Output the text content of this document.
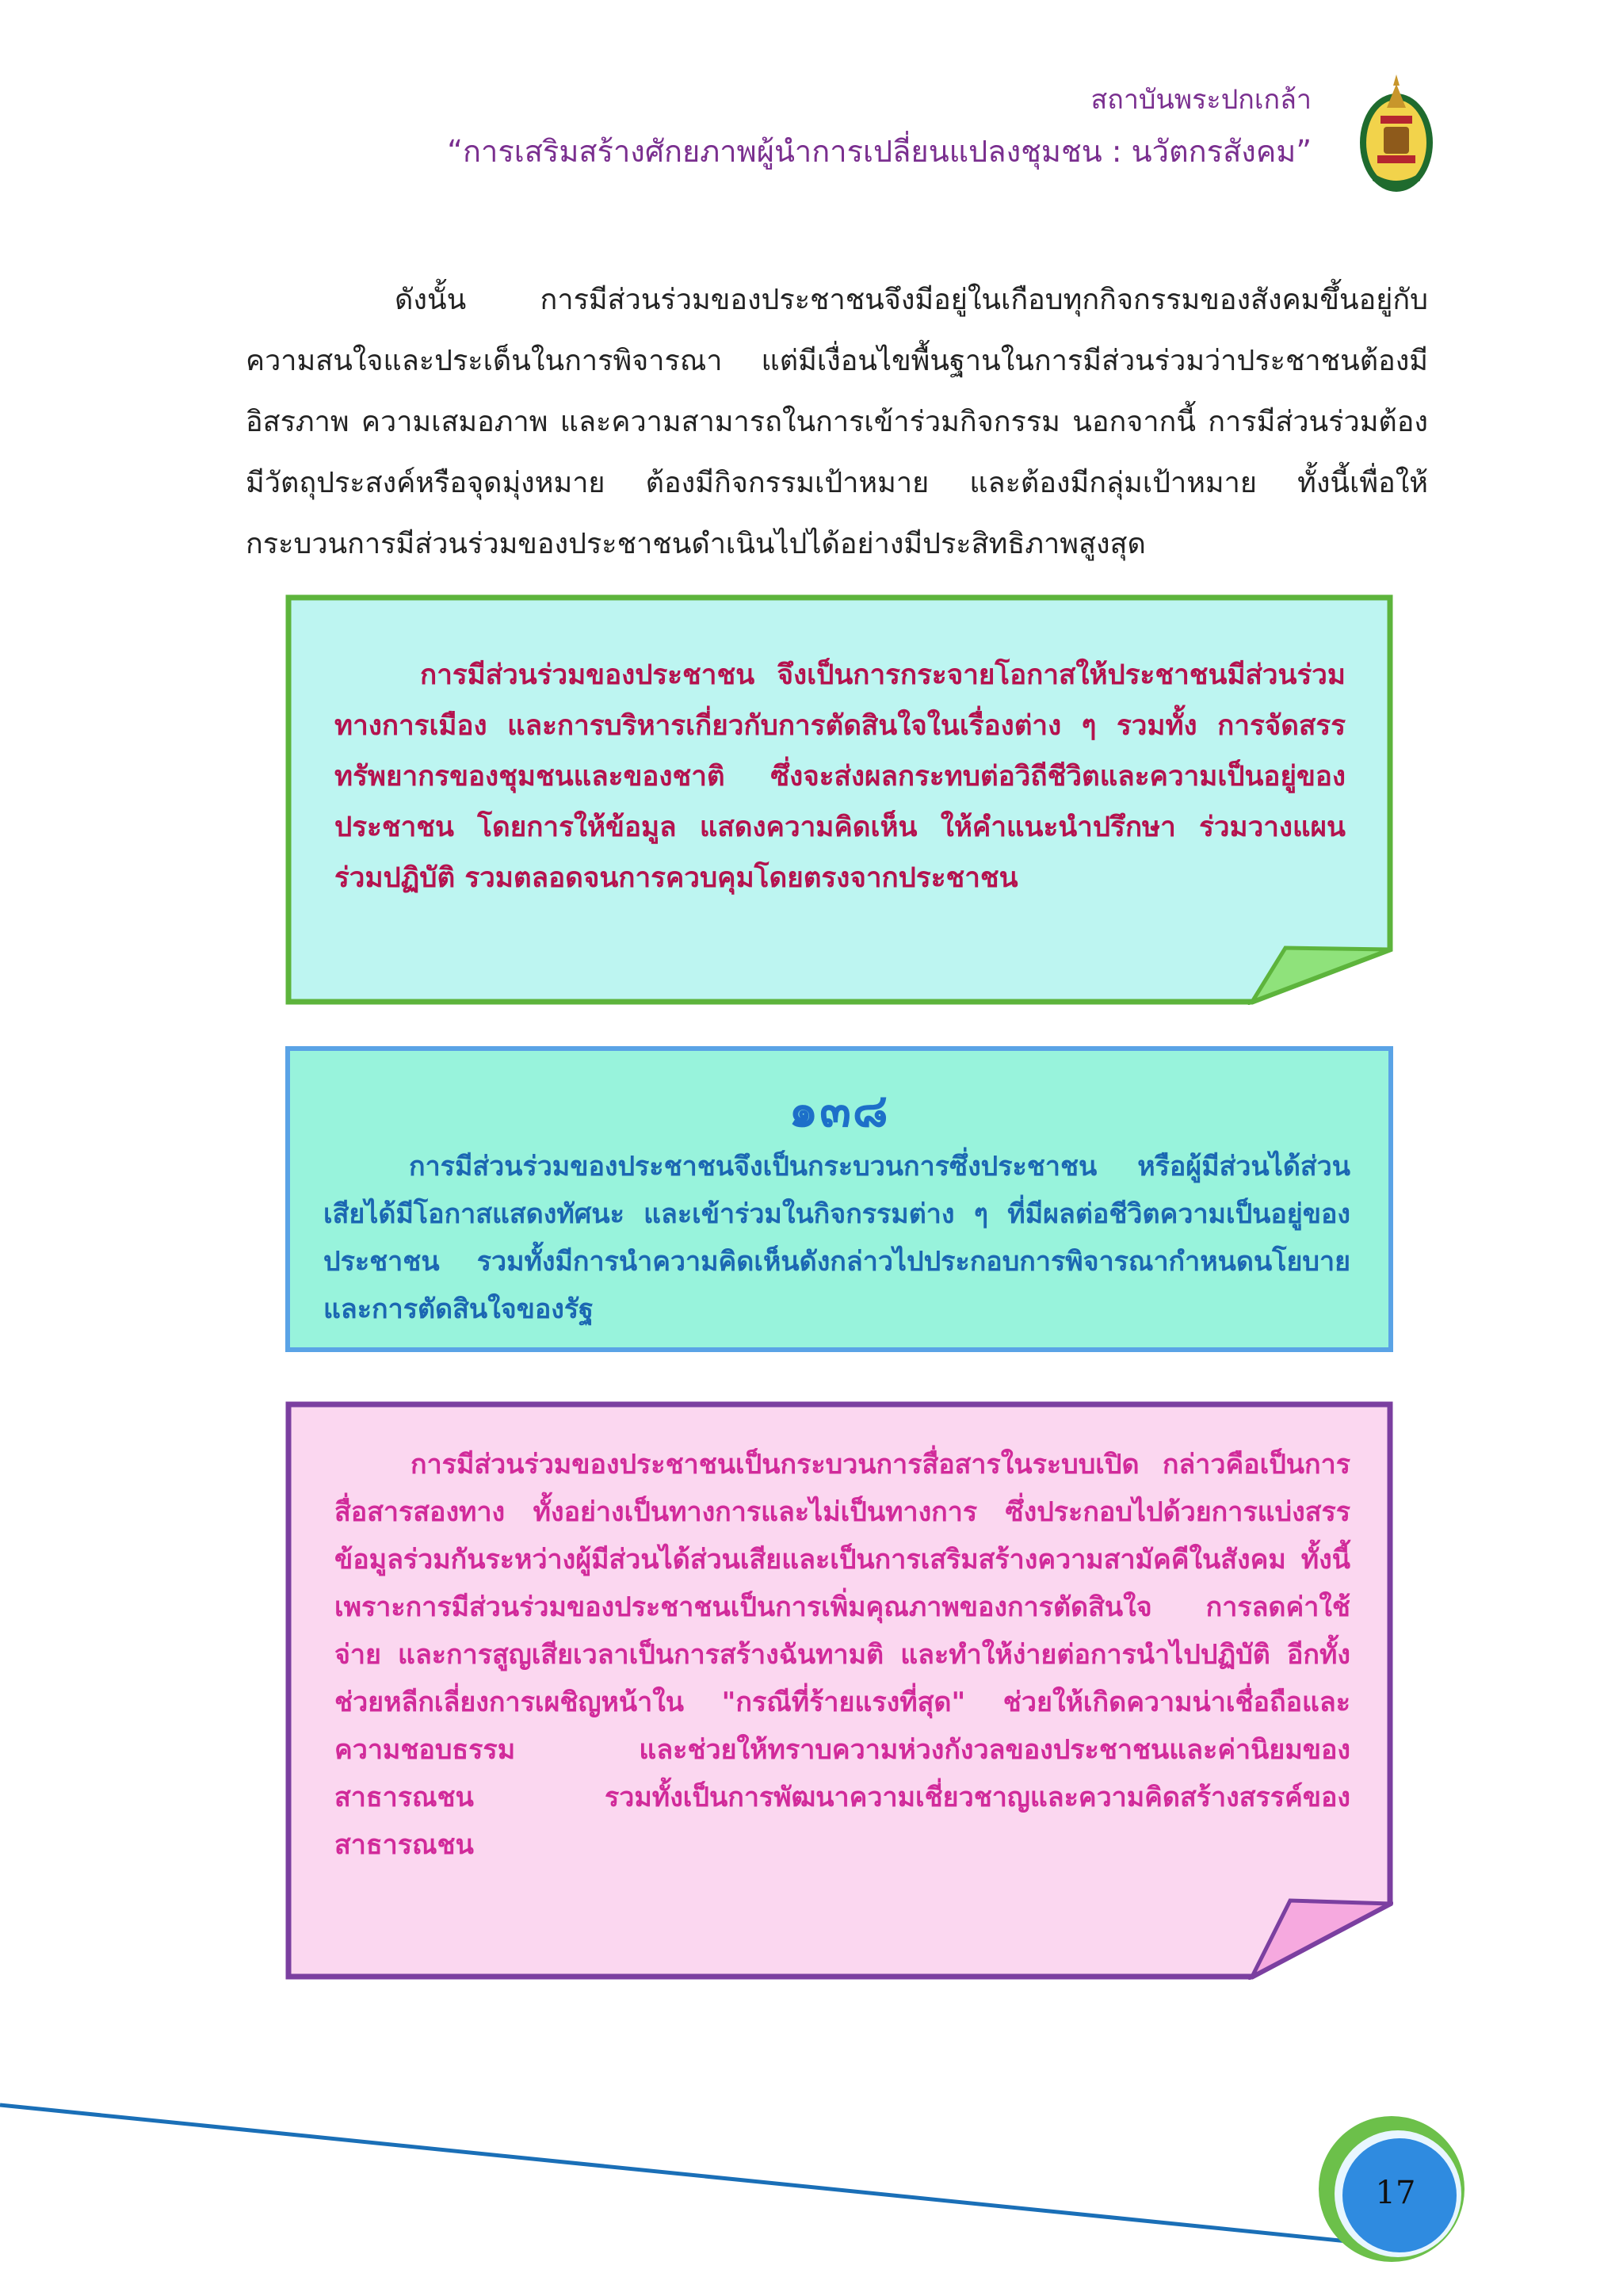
สถาบันพระปกเกล้า
“การเสริมสร้างศักยภาพผู้นำการเปลี่ยนแปลงชุมชน : นวัตกรสังคม”

ดังนั้น การมีส่วนร่วมของประชาชนจึงมีอยู่ในเกือบทุกกิจกรรมของสังคมขึ้นอยู่กับความสนใจและประเด็นในการพิจารณา แต่มีเงื่อนไขพื้นฐานในการมีส่วนร่วมว่าประชาชนต้องมีอิสรภาพ ความเสมอภาพ และความสามารถในการเข้าร่วมกิจกรรม นอกจากนี้ การมีส่วนร่วมต้องมีวัตถุประสงค์หรือจุดมุ่งหมาย ต้องมีกิจกรรมเป้าหมาย และต้องมีกลุ่มเป้าหมาย ทั้งนี้เพื่อให้กระบวนการมีส่วนร่วมของประชาชนดำเนินไปได้อย่างมีประสิทธิภาพสูงสุด

การมีส่วนร่วมของประชาชน จึงเป็นการกระจายโอกาสให้ประชาชนมีส่วนร่วมทางการเมือง และการบริหารเกี่ยวกับการตัดสินใจในเรื่องต่าง ๆ รวมทั้ง การจัดสรรทรัพยากรของชุมชนและของชาติ ซึ่งจะส่งผลกระทบต่อวิถีชีวิตและความเป็นอยู่ของประชาชน โดยการให้ข้อมูล แสดงความคิดเห็น ให้คำแนะนำปรึกษา ร่วมวางแผน ร่วมปฏิบัติ รวมตลอดจนการควบคุมโดยตรงจากประชาชน

๑๓๘

การมีส่วนร่วมของประชาชนจึงเป็นกระบวนการซึ่งประชาชน หรือผู้มีส่วนได้ส่วนเสียได้มีโอกาสแสดงทัศนะ และเข้าร่วมในกิจกรรมต่าง ๆ ที่มีผลต่อชีวิตความเป็นอยู่ของประชาชน รวมทั้งมีการนำความคิดเห็นดังกล่าวไปประกอบการพิจารณากำหนดนโยบายและการตัดสินใจของรัฐ

การมีส่วนร่วมของประชาชนเป็นกระบวนการสื่อสารในระบบเปิด กล่าวคือเป็นการสื่อสารสองทาง ทั้งอย่างเป็นทางการและไม่เป็นทางการ ซึ่งประกอบไปด้วยการแบ่งสรรข้อมูลร่วมกันระหว่างผู้มีส่วนได้ส่วนเสียและเป็นการเสริมสร้างความสามัคคีในสังคม ทั้งนี้ เพราะการมีส่วนร่วมของประชาชนเป็นการเพิ่มคุณภาพของการตัดสินใจ การลดค่าใช้จ่าย และการสูญเสียเวลาเป็นการสร้างฉันทามติ และทำให้ง่ายต่อการนำไปปฏิบัติ อีกทั้งช่วยหลีกเลี่ยงการเผชิญหน้าใน "กรณีที่ร้ายแรงที่สุด" ช่วยให้เกิดความน่าเชื่อถือและความชอบธรรม และช่วยให้ทราบความห่วงกังวลของประชาชนและค่านิยมของสาธารณชน รวมทั้งเป็นการพัฒนาความเชี่ยวชาญและความคิดสร้างสรรค์ของสาธารณชน

17
